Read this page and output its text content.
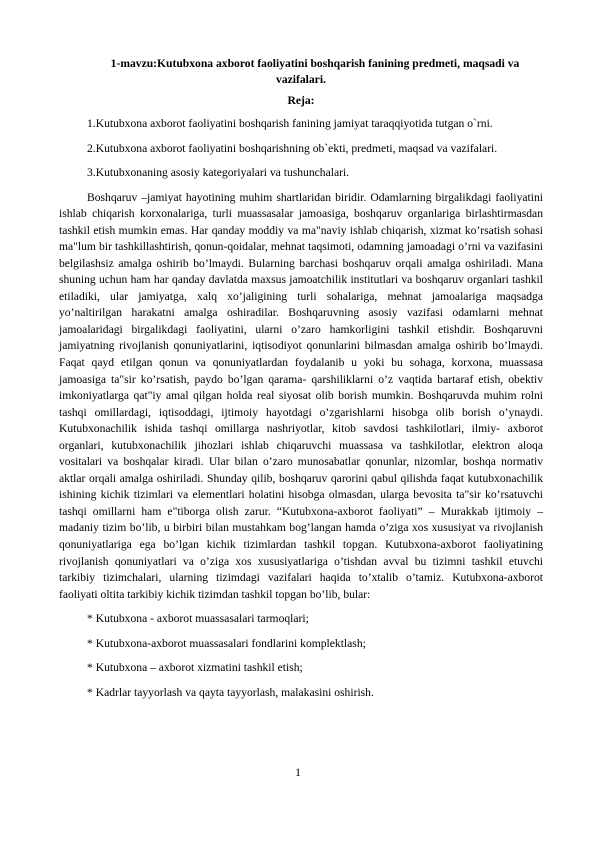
1-mavzu:Kutubxona axborot faoliyatini boshqarish fanining predmeti, maqsadi va vazifalari.

Reja:

1.Kutubxona axborot faoliyatini boshqarish fanining jamiyat taraqqiyotida tutgan o`rni.

2.Kutubxona axborot faoliyatini boshqarishning ob`ekti, predmeti, maqsad va vazifalari.

3.Kutubxonaning asosiy kategoriyalari va tushunchalari.

Boshqaruv –jamiyat hayotining muhim shartlaridan biridir. Odamlarning birgalikdagi faoliyatini ishlab chiqarish korxonalariga, turli muassasalar jamoasiga, boshqaruv organlariga birlashtirmasdan tashkil etish mumkin emas. Har qanday moddiy va ma"naviy ishlab chiqarish, xizmat ko’rsatish sohasi ma"lum bir tashkillashtirish, qonun-qoidalar, mehnat taqsimoti, odamning jamoadagi o’rni va vazifasini belgilashsiz amalga oshirib bo’lmaydi. Bularning barchasi boshqaruv orqali amalga oshiriladi. Mana shuning uchun ham har qanday davlatda maxsus jamoatchilik institutlari va boshqaruv organlari tashkil etiladiki, ular jamiyatga, xalq xo’jaligining turli sohalariga, mehnat jamoalariga maqsadga yo’naltirilgan harakatni amalga oshiradilar. Boshqaruvning asosiy vazifasi odamlarni mehnat jamoalaridagi birgalikdagi faoliyatini, ularni o’zaro hamkorligini tashkil etishdir. Boshqaruvni jamiyatning rivojlanish qonuniyatlarini, iqtisodiyot qonunlarini bilmasdan amalga oshirib bo’lmaydi. Faqat qayd etilgan qonun va qonuniyatlardan foydalanib u yoki bu sohaga, korxona, muassasa jamoasiga ta"sir ko’rsatish, paydo bo’lgan qarama- qarshiliklarni o’z vaqtida bartaraf etish, obektiv imkoniyatlarga qat"iy amal qilgan holda real siyosat olib borish mumkin. Boshqaruvda muhim rolni tashqi omillardagi, iqtisoddagi, ijtimoiy hayotdagi o’zgarishlarni hisobga olib borish o’ynaydi. Kutubxonachilik ishida tashqi omillarga nashriyotlar, kitob savdosi tashkilotlari, ilmiy- axborot organlari, kutubxonachilik jihozlari ishlab chiqaruvchi muassasa va tashkilotlar, elektron aloqa vositalari va boshqalar kiradi. Ular bilan o’zaro munosabatlar qonunlar, nizomlar, boshqa normativ aktlar orqali amalga oshiriladi. Shunday qilib, boshqaruv qarorini qabul qilishda faqat kutubxonachilik ishining kichik tizimlari va elementlari holatini hisobga olmasdan, ularga bevosita ta"sir ko’rsatuvchi tashqi omillarni ham e"tiborga olish zarur. “Kutubxona-axborot faoliyati” – Murakkab ijtimoiy –madaniy tizim bo’lib, u birbiri bilan mustahkam bog’langan hamda o’ziga xos xususiyat va rivojlanish qonuniyatlariga ega bo’lgan kichik tizimlardan tashkil topgan. Kutubxona-axborot faoliyatining rivojlanish qonuniyatlari va o’ziga xos xususiyatlariga o’tishdan avval bu tizimni tashkil etuvchi tarkibiy tizimchalari, ularning tizimdagi vazifalari haqida to’xtalib o’tamiz. Kutubxona-axborot faoliyati oltita tarkibiy kichik tizimdan tashkil topgan bo’lib, bular:

* Kutubxona - axborot muassasalari tarmoqlari;

* Kutubxona-axborot muassasalari fondlarini komplektlash;

* Kutubxona – axborot xizmatini tashkil etish;

* Kadrlar tayyorlash va qayta tayyorlash, malakasini oshirish.

1
